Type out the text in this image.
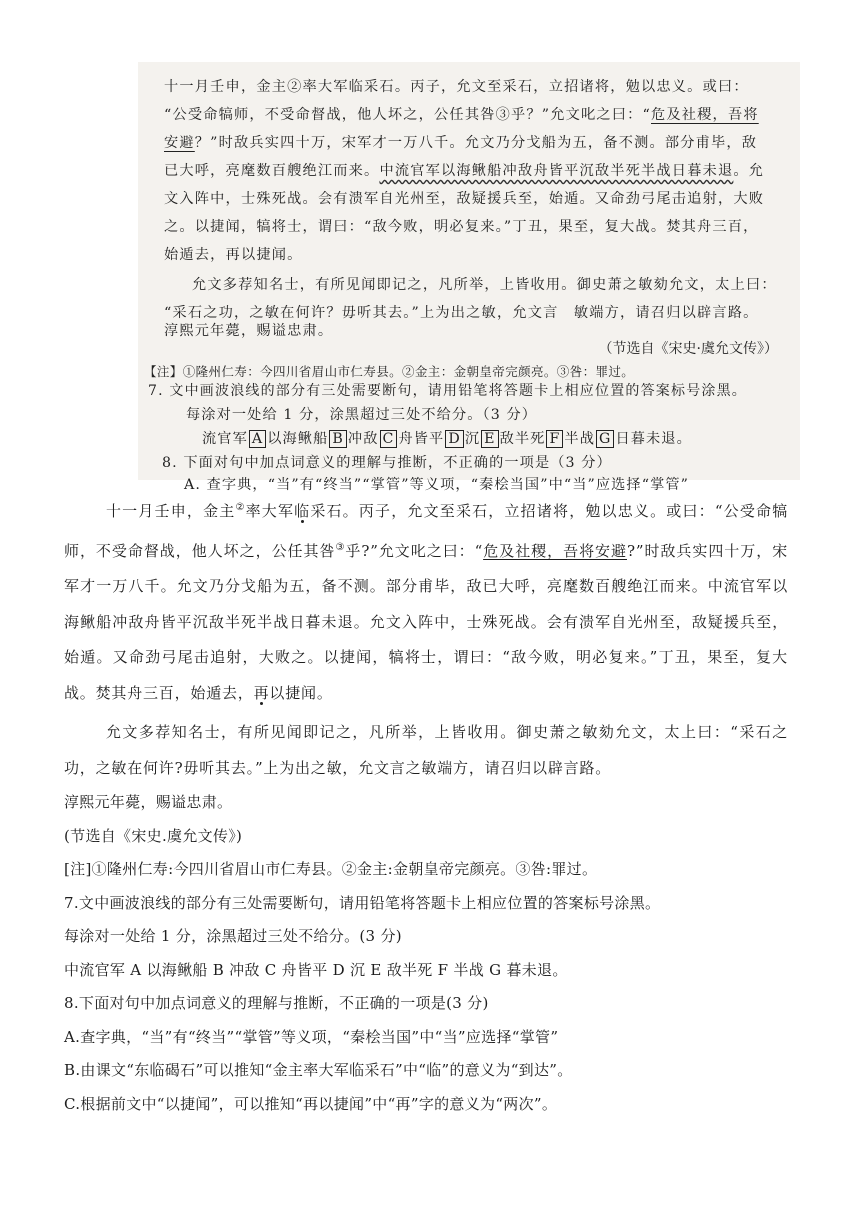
十一月壬申，金主②率大军临采石。丙子，允文至采石，立招诸将，勉以忠义。或曰：
“公受命犒师，不受命督战，他人坏之，公任其咎③乎？”允文叱之曰：“危及社稷，吾将
安避？”时敌兵实四十万，宋军才一万八千。允文乃分戈船为五，备不测。部分甫毕，敌
已大呼，亮麾数百艘绝江而来。中流官军以海鳅船冲敌舟皆平沉敌半死半战日暮未退。允
文入阵中，士殊死战。会有溃军自光州至，敌疑援兵至，始遁。又命劲弓尾击追射，大败
之。以捷闻，犒将士，谓曰：“敌今败，明必复来。”丁丑，果至，复大战。焚其舟三百，
始遁去，再以捷闻。
允文多荐知名士，有所见闻即记之，凡所举，上皆收用。御史萧之敏劾允文，太上曰：
“采石之功，之敏在何许？毋听其去。”上为出之敏，允文言　敏端方，请召归以辟言路。
淳熙元年薨，赐谥忠肃。
（节选自《宋史·虞允文传》）
【注】①隆州仁寿：今四川省眉山市仁寿县。②金主：金朝皇帝完颜亮。③咎：罪过。
7. 文中画波浪线的部分有三处需要断句，请用铅笔将答题卡上相应位置的答案标号涂黑。

十一月壬申，金主②率大军临采石。丙子，允文至采石，立招诸将，勉以忠义。或曰：“公受命犒师，不受命督战，他人坏之，公任其咎③乎?”允文叱之曰：“危及社稷，吾将安避?”时敌兵实四十万，宋军才一万八千。允文乃分戈船为五，备不测。部分甫毕，敌已大呼，亮麾数百艘绝江而来。中流官军以海鳅船冲敌舟皆平沉敌半死半战日暮未退。允文入阵中，士殊死战。会有溃军自光州至，敌疑援兵至，始遁。又命劲弓尾击追射，大败之。以捷闻，犒将士，谓曰：“敌今败，明必复来。”丁丑，果至，复大战。焚其舟三百，始遁去，再以捷闻。

允文多荐知名士，有所见闻即记之，凡所举，上皆收用。御史萧之敏劾允文，太上曰：“采石之功，之敏在何许?毋听其去。”上为出之敏，允文言之敏端方，请召归以辟言路。

淳熙元年薨，赐谥忠肃。

(节选自《宋史.虞允文传》)

[注]①隆州仁寿:今四川省眉山市仁寿县。②金主:金朝皇帝完颜亮。③咎:罪过。

7.文中画波浪线的部分有三处需要断句，请用铅笔将答题卡上相应位置的答案标号涂黑。

每涂对一处给 1 分，涂黑超过三处不给分。(3 分)

中流官军 A 以海鳅船 B 冲敌 C 舟皆平 D 沉 E 敌半死 F 半战 G 暮未退。

8.下面对句中加点词意义的理解与推断，不正确的一项是(3 分)

A.查字典，“当”有“终当”“掌管”等义项，“秦桧当国”中“当”应选择“掌管”

B.由课文“东临碣石”可以推知“金主率大军临采石”中“临”的意义为“到达”。

C.根据前文中“以捷闻”，可以推知“再以捷闻”中“再”字的意义为“两次”。

每涂对一处给 1 分，涂黑超过三处不给分。（3 分）
流官军 A 以海鳅船 B 冲敌 C 舟皆平 D 沉 E 敌半死 F 半战 G 日暮未退。
8. 下面对句中加点词意义的理解与推断，不正确的一项是（3 分）
A. 查字典，“当”有“终当”“掌管”等义项，“秦桧当国”中“当”应选择“掌管”
